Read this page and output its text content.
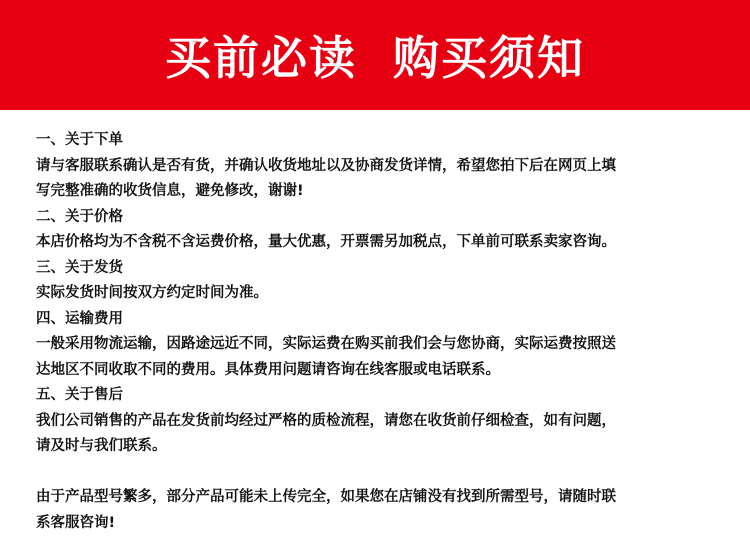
买前必读  购买须知
一、关于下单
请与客服联系确认是否有货，并确认收货地址以及协商发货详情，希望您拍下后在网页上填
写完整准确的收货信息，避免修改，谢谢!
二、关于价格
本店价格均为不含税不含运费价格，量大优惠，开票需另加税点，下单前可联系卖家咨询。
三、关于发货
实际发货时间按双方约定时间为准。
四、运输费用
一般采用物流运输，因路途远近不同，实际运费在购买前我们会与您协商，实际运费按照送
达地区不同收取不同的费用。具体费用问题请咨询在线客服或电话联系。
五、关于售后
我们公司销售的产品在发货前均经过严格的质检流程，请您在收货前仔细检查，如有问题，
请及时与我们联系。
由于产品型号繁多，部分产品可能未上传完全，如果您在店铺没有找到所需型号，请随时联
系客服咨询!
